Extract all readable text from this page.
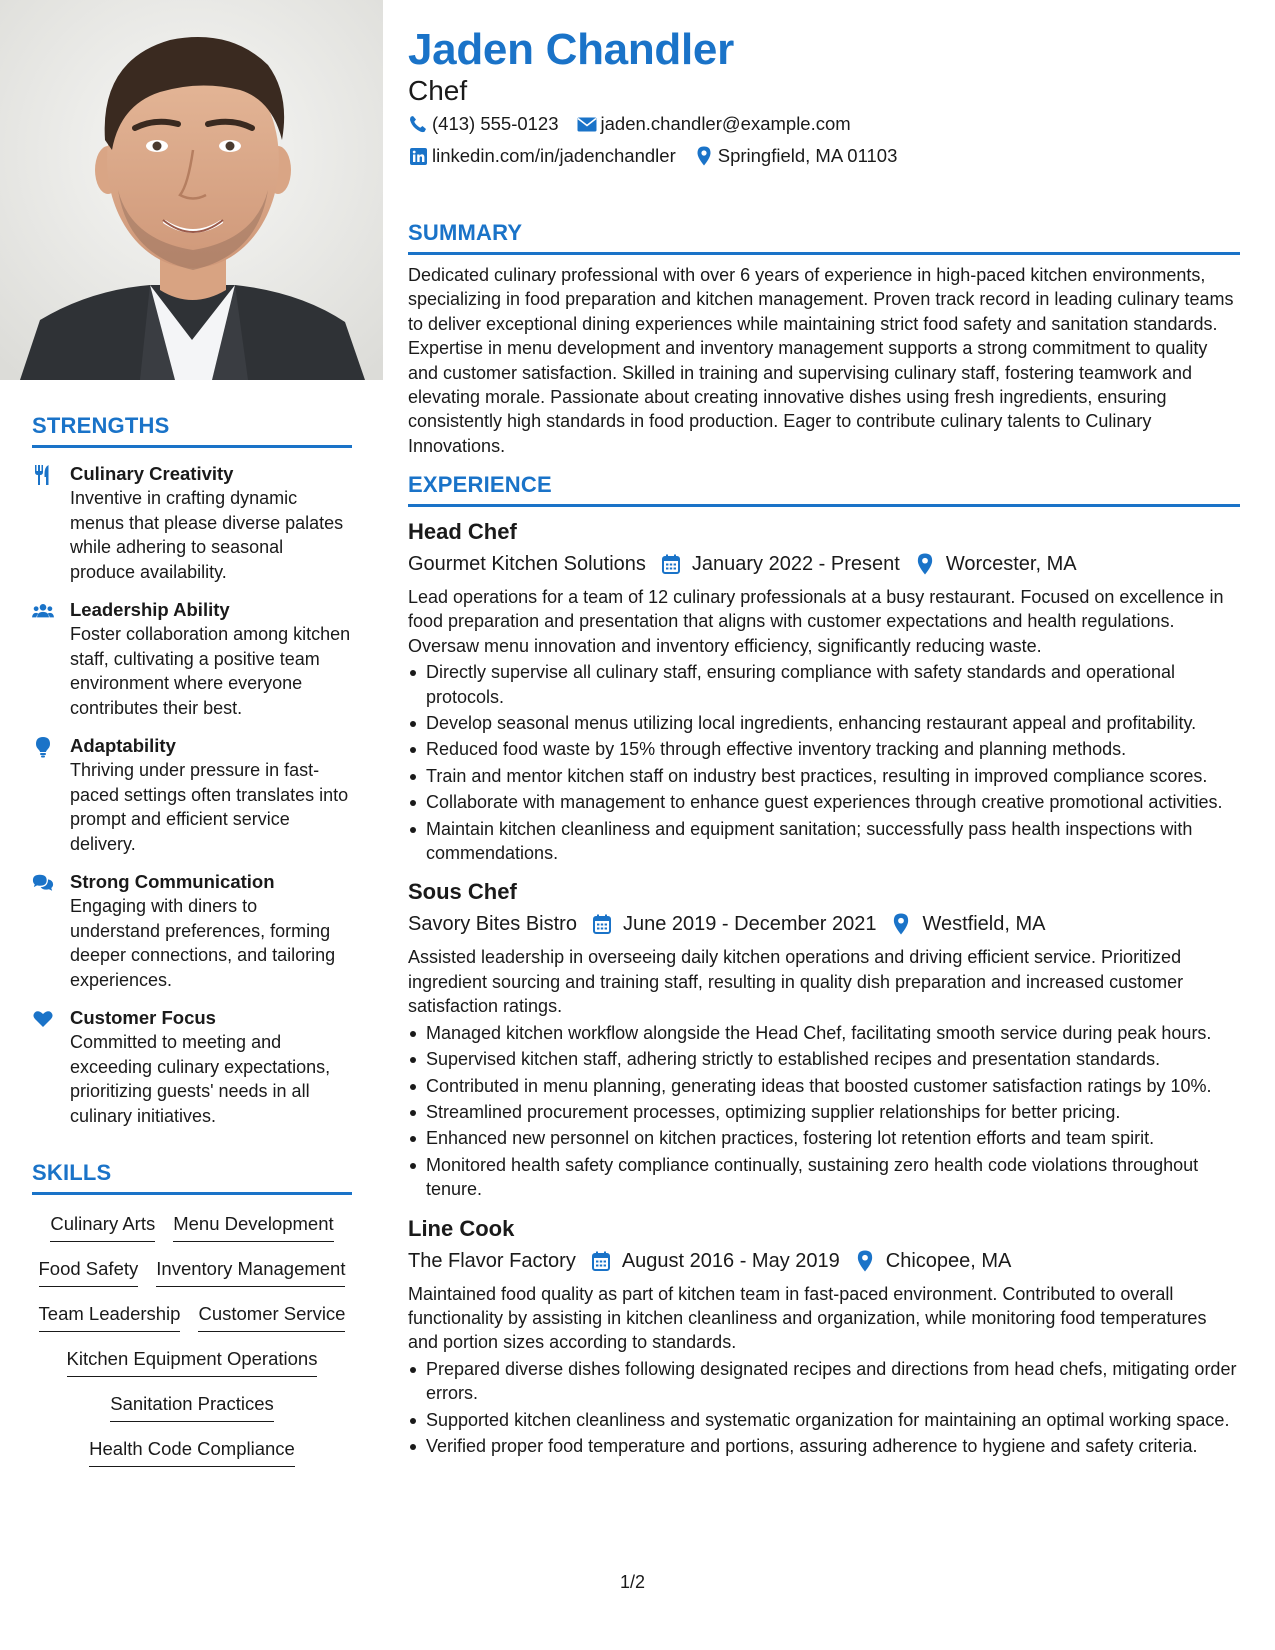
STRENGTHS
Culinary Creativity
Inventive in crafting dynamic menus that please diverse palates while adhering to seasonal produce availability.
Leadership Ability
Foster collaboration among kitchen staff, cultivating a positive team environment where everyone contributes their best.
Adaptability
Thriving under pressure in fast-paced settings often translates into prompt and efficient service delivery.
Strong Communication
Engaging with diners to understand preferences, forming deeper connections, and tailoring experiences.
Customer Focus
Committed to meeting and exceeding culinary expectations, prioritizing guests' needs in all culinary initiatives.
SKILLS
Culinary Arts Menu Development
Food Safety Inventory Management
Team Leadership Customer Service
Kitchen Equipment Operations
Sanitation Practices
Health Code Compliance
Jaden Chandler
Chef
(413) 555-0123 jaden.chandler@example.com
linkedin.com/in/jadenchandler Springfield, MA 01103
SUMMARY
Dedicated culinary professional with over 6 years of experience in high-paced kitchen environments, specializing in food preparation and kitchen management. Proven track record in leading culinary teams to deliver exceptional dining experiences while maintaining strict food safety and sanitation standards. Expertise in menu development and inventory management supports a strong commitment to quality and customer satisfaction. Skilled in training and supervising culinary staff, fostering teamwork and elevating morale. Passionate about creating innovative dishes using fresh ingredients, ensuring consistently high standards in food production. Eager to contribute culinary talents to Culinary Innovations.
EXPERIENCE
Head Chef
Gourmet Kitchen Solutions January 2022 - Present Worcester, MA
Lead operations for a team of 12 culinary professionals at a busy restaurant. Focused on excellence in food preparation and presentation that aligns with customer expectations and health regulations. Oversaw menu innovation and inventory efficiency, significantly reducing waste.
Directly supervise all culinary staff, ensuring compliance with safety standards and operational protocols.
Develop seasonal menus utilizing local ingredients, enhancing restaurant appeal and profitability.
Reduced food waste by 15% through effective inventory tracking and planning methods.
Train and mentor kitchen staff on industry best practices, resulting in improved compliance scores.
Collaborate with management to enhance guest experiences through creative promotional activities.
Maintain kitchen cleanliness and equipment sanitation; successfully pass health inspections with commendations.
Sous Chef
Savory Bites Bistro June 2019 - December 2021 Westfield, MA
Assisted leadership in overseeing daily kitchen operations and driving efficient service. Prioritized ingredient sourcing and training staff, resulting in quality dish preparation and increased customer satisfaction ratings.
Managed kitchen workflow alongside the Head Chef, facilitating smooth service during peak hours.
Supervised kitchen staff, adhering strictly to established recipes and presentation standards.
Contributed in menu planning, generating ideas that boosted customer satisfaction ratings by 10%.
Streamlined procurement processes, optimizing supplier relationships for better pricing.
Enhanced new personnel on kitchen practices, fostering lot retention efforts and team spirit.
Monitored health safety compliance continually, sustaining zero health code violations throughout tenure.
Line Cook
The Flavor Factory August 2016 - May 2019 Chicopee, MA
Maintained food quality as part of kitchen team in fast-paced environment. Contributed to overall functionality by assisting in kitchen cleanliness and organization, while monitoring food temperatures and portion sizes according to standards.
Prepared diverse dishes following designated recipes and directions from head chefs, mitigating order errors.
Supported kitchen cleanliness and systematic organization for maintaining an optimal working space.
Verified proper food temperature and portions, assuring adherence to hygiene and safety criteria.
1/2
